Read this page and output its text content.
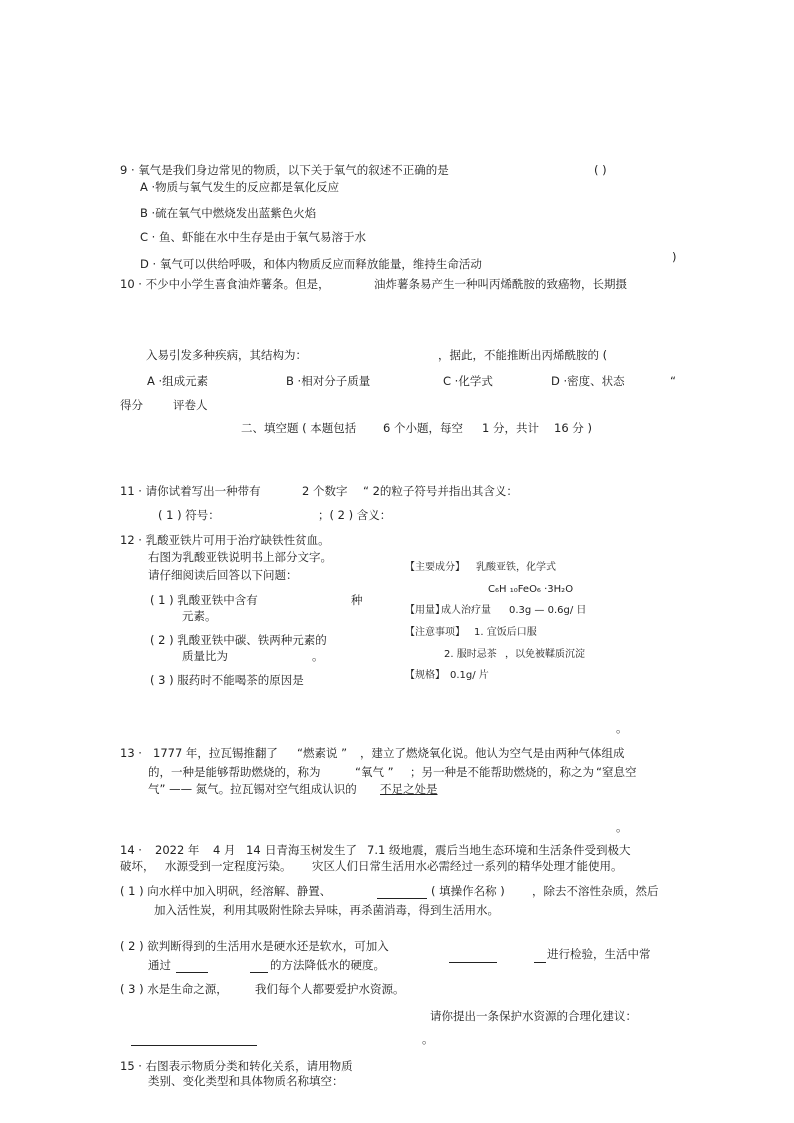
9 · 氧气是我们身边常见的物质，以下关于氧气的叙述不正确的是	( )
A ·物质与氧气发生的反应都是氧化反应
B ·硫在氧气中燃烧发出蓝紫色火焰
C · 鱼、虾能在水中生存是由于氧气易溶于水
D · 氧气可以供给呼吸，和体内物质反应而释放能量，维持生命活动	)
10 · 不少中小学生喜食油炸薯条。但是，	油炸薯条易产生一种叫丙烯酰胺的致癌物，长期摄
入易引发多种疾病，其结构为：	，据此，不能推断出丙烯酰胺的 (
A ·组成元素	B ·相对分子质量	C ·化学式	D ·密度、状态	“
得分	评卷人
二、填空题 ( 本题包括 6 个小题，每空 1 分，共计 16 分 )
11 · 请你试着写出一种带有	2 个数字 “ 2的粒子符号并指出其含义：
( 1 ) 符号：	；( 2 ) 含义：
12 · 乳酸亚铁片可用于治疗缺铁性贫血。
右图为乳酸亚铁说明书上部分文字。
请仔细阅读后回答以下问题：
( 1 ) 乳酸亚铁中含有	种
元素。
( 2 ) 乳酸亚铁中碳、铁两种元素的
质量比为	。
( 3 ) 服药时不能喝茶的原因是
。
【主要成分】 乳酸亚铁，化学式
C₆H ₁₀FeO₆ ·3H₂O
【用量】
成人治疗量 0.3g — 0.6g/ 日
【注意事项】 1. 宜饭后口服
2. 服时忌茶 ，以免被鞣质沉淀
【规格】 0.1g/ 片
13 · 1777 年，拉瓦锡推翻了 “燃素说 ” ，建立了燃烧氧化说。他认为空气是由两种气体组成
的，一种是能够帮助燃烧的，称为	“氧气 ” ；另一种是不能帮助燃烧的，称之为 “窒息空
气” —— 氮气。拉瓦锡对空气组成认识的 不足之处是
。
14 · 2022 年 4 月 14 日青海玉树发生了 7.1 级地震，震后当地生态环境和生活条件受到极大
破坏， 水源受到一定程度污染。 灾区人们日常生活用水必需经过一系列的精华处理才能使用。
( 1 ) 向水样中加入明矾，经溶解、静置、	( 填操作名称 ) ，除去不溶性杂质，然后
加入活性炭，利用其吸附性除去异味，再杀菌消毒，得到生活用水。
( 2 ) 欲判断得到的生活用水是硬水还是软水，可加入
进行检验，生活中常
通过	的方法降低水的硬度。
( 3 ) 水是生命之源， 我们每个人都要爱护水资源。
请你提出一条保护水资源的合理化建议：
。
15 · 右图表示物质分类和转化关系，请用物质
类别、变化类型和具体物质名称填空：
